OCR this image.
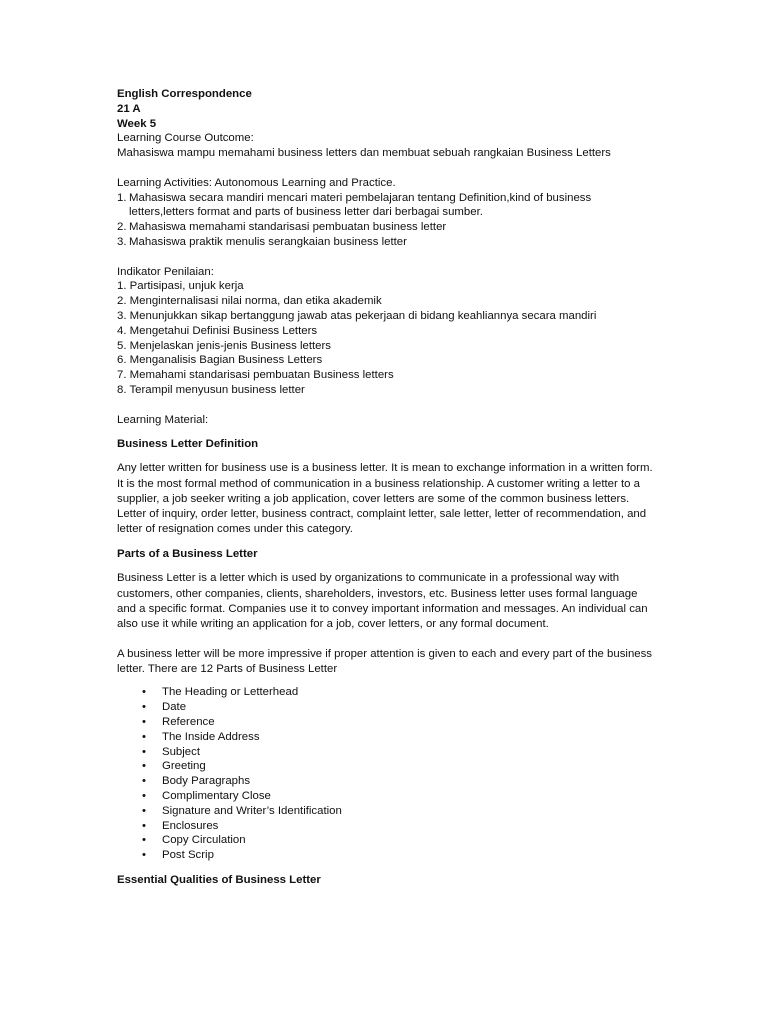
English Correspondence
21 A
Week 5
Learning Course Outcome:
Mahasiswa mampu memahami business letters dan membuat sebuah rangkaian Business Letters
Learning Activities: Autonomous Learning and Practice.
1. Mahasiswa secara mandiri mencari materi pembelajaran tentang Definition,kind of business letters,letters format and parts of business letter dari berbagai sumber.
2. Mahasiswa memahami standarisasi pembuatan business letter
3. Mahasiswa praktik menulis serangkaian business letter
Indikator Penilaian:
1. Partisipasi, unjuk kerja
2. Menginternalisasi nilai norma, dan etika akademik
3. Menunjukkan sikap bertanggung jawab atas pekerjaan di bidang keahliannya secara mandiri
4. Mengetahui Definisi Business Letters
5. Menjelaskan jenis-jenis Business letters
6. Menganalisis Bagian Business Letters
7. Memahami standarisasi pembuatan Business letters
8. Terampil menyusun business letter
Learning Material:
Business Letter Definition
Any letter written for business use is a business letter. It is mean to exchange information in a written form. It is the most formal method of communication in a business relationship. A customer writing a letter to a supplier, a job seeker writing a job application, cover letters are some of the common business letters. Letter of inquiry, order letter, business contract, complaint letter, sale letter, letter of recommendation, and letter of resignation comes under this category.
Parts of a Business Letter
Business Letter is a letter which is used by organizations to communicate in a professional way with customers, other companies, clients, shareholders, investors, etc. Business letter uses formal language and a specific format. Companies use it to convey important information and messages. An individual can also use it while writing an application for a job, cover letters, or any formal document.
A business letter will be more impressive if proper attention is given to each and every part of the business letter. There are 12 Parts of Business Letter
• The Heading or Letterhead
• Date
• Reference
• The Inside Address
• Subject
• Greeting
• Body Paragraphs
• Complimentary Close
• Signature and Writer’s Identification
• Enclosures
• Copy Circulation
• Post Scrip
Essential Qualities of Business Letter
